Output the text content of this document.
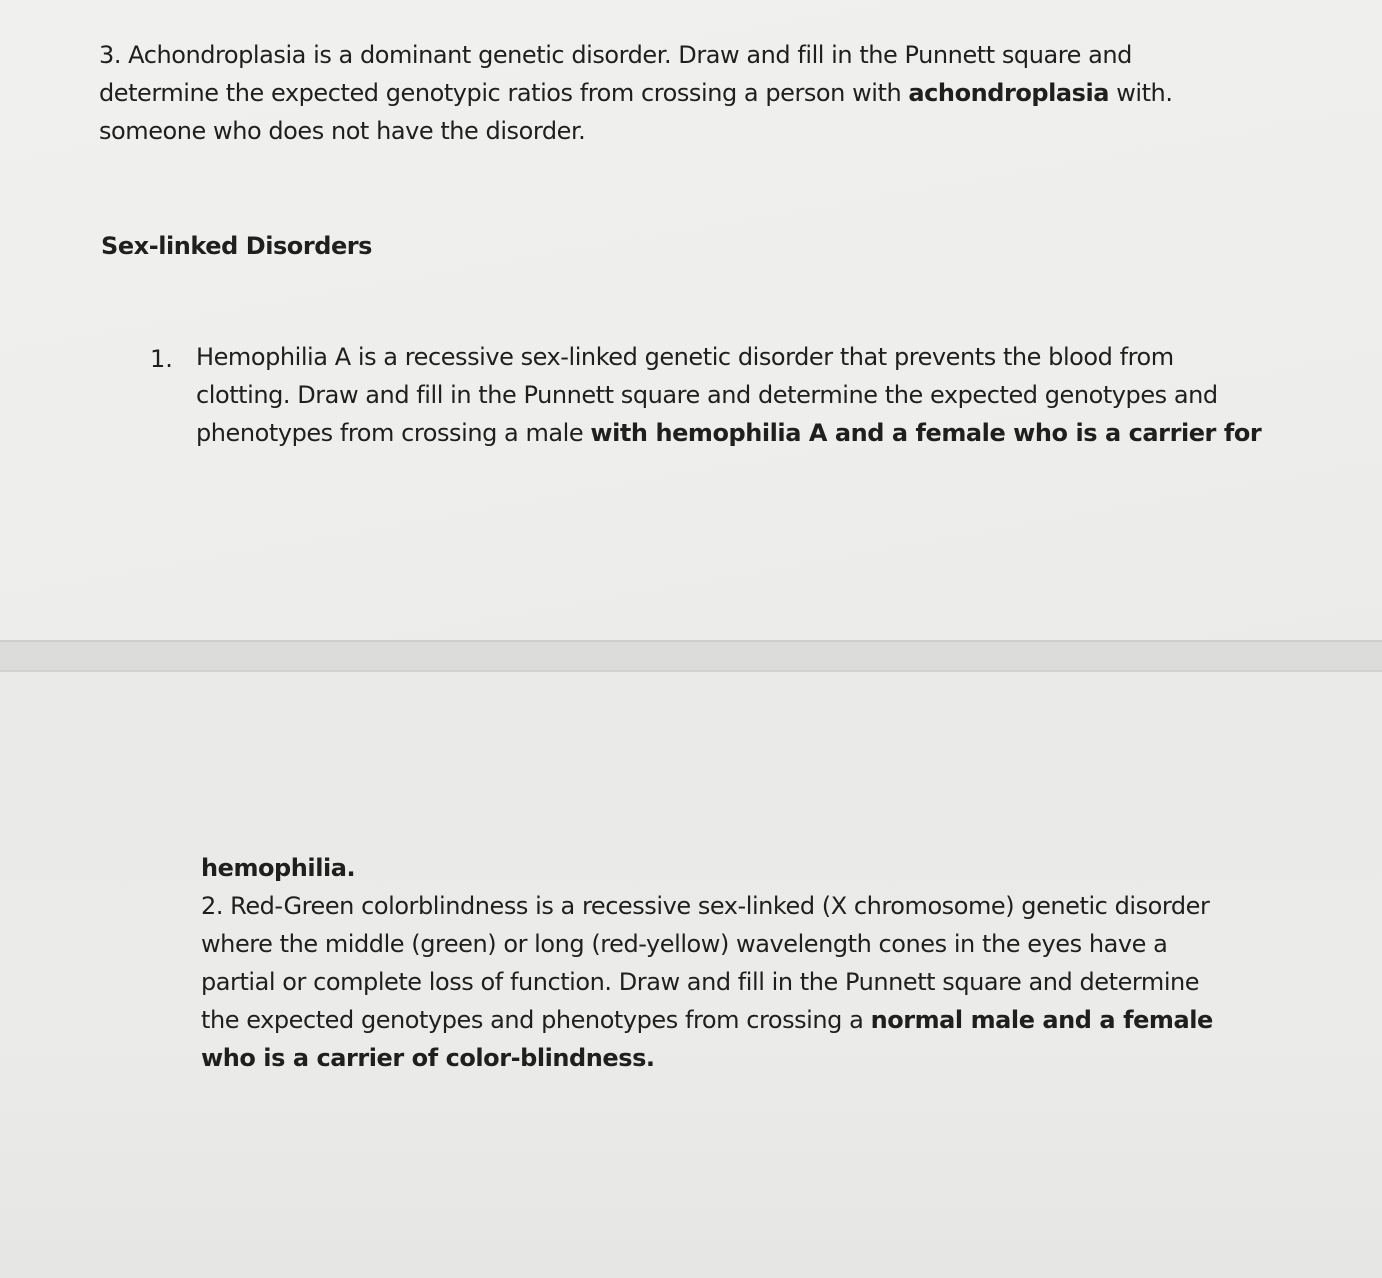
3. Achondroplasia is a dominant genetic disorder. Draw and fill in the Punnett square and
determine the expected genotypic ratios from crossing a person with achondroplasia with.
someone who does not have the disorder.
Sex-linked Disorders
1. Hemophilia A is a recessive sex-linked genetic disorder that prevents the blood from
clotting. Draw and fill in the Punnett square and determine the expected genotypes and
phenotypes from crossing a male with hemophilia A and a female who is a carrier for
hemophilia.
2. Red-Green colorblindness is a recessive sex-linked (X chromosome) genetic disorder
where the middle (green) or long (red-yellow) wavelength cones in the eyes have a
partial or complete loss of function. Draw and fill in the Punnett square and determine
the expected genotypes and phenotypes from crossing a normal male and a female
who is a carrier of color-blindness.
